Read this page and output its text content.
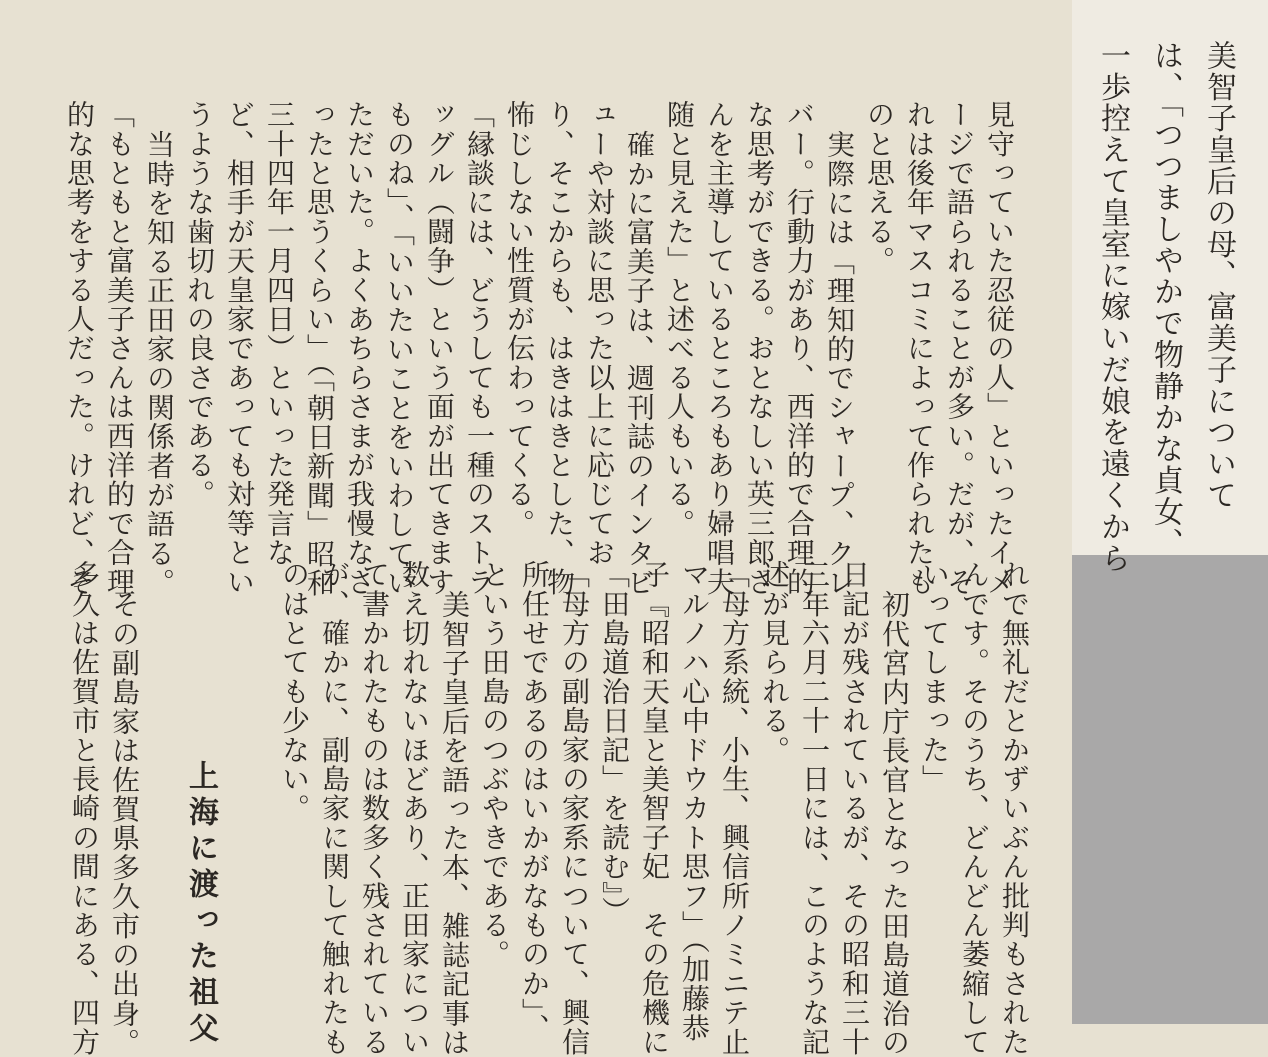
美智子皇后の母、富美子について
は、「つつましやかで物静かな貞女、
一歩控えて皇室に嫁いだ娘を遠くから
見守っていた忍従の人」といったイメ
ージで語られることが多い。だが、そ
れは後年マスコミによって作られたも
のと思える。
実際には「理知的でシャープ、クレ
バー。行動力があり、西洋的で合理的
な思考ができる。おとなしい英三郎さ
んを主導しているところもあり婦唱夫
随と見えた」と述べる人もいる。
確かに富美子は、週刊誌のインタビ
ューや対談に思った以上に応じてお
り、そこからも、はきはきとした、物
怖じしない性質が伝わってくる。
「縁談には、どうしても一種のストラ
ッグル（闘争）という面が出てきます
ものね」、「いいたいことをいわしてい
ただいた。よくあちらさまが我慢なさ
ったと思うくらい」（「朝日新聞」昭和
三十四年一月四日）といった発言な
ど、相手が天皇家であっても対等とい
うような歯切れの良さである。
当時を知る正田家の関係者が語る。
「もともと富美子さんは西洋的で合理
的な思考をする人だった。けれど、そ
れで無礼だとかずいぶん批判もされた
んです。そのうち、どんどん萎縮して
いってしまった」
初代宮内庁長官となった田島道治の
日記が残されているが、その昭和三十
三年六月二十一日には、このような記
述が見られる。
「母方系統、小生、興信所ノミニテ止
マルノハ心中ドウカト思フ」（加藤恭
子『昭和天皇と美智子妃　その危機に
「田島道治日記」を読む』）
「母方の副島家の家系について、興信
所任せであるのはいかがなものか」、
という田島のつぶやきである。
美智子皇后を語った本、雑誌記事は
数え切れないほどあり、正田家につい
て書かれたものは数多く残されている
が、確かに、副島家に関して触れたも
のはとても少ない。
上海に渡った祖父
その副島家は佐賀県多久市の出身。
多久は佐賀市と長崎の間にある、四方
